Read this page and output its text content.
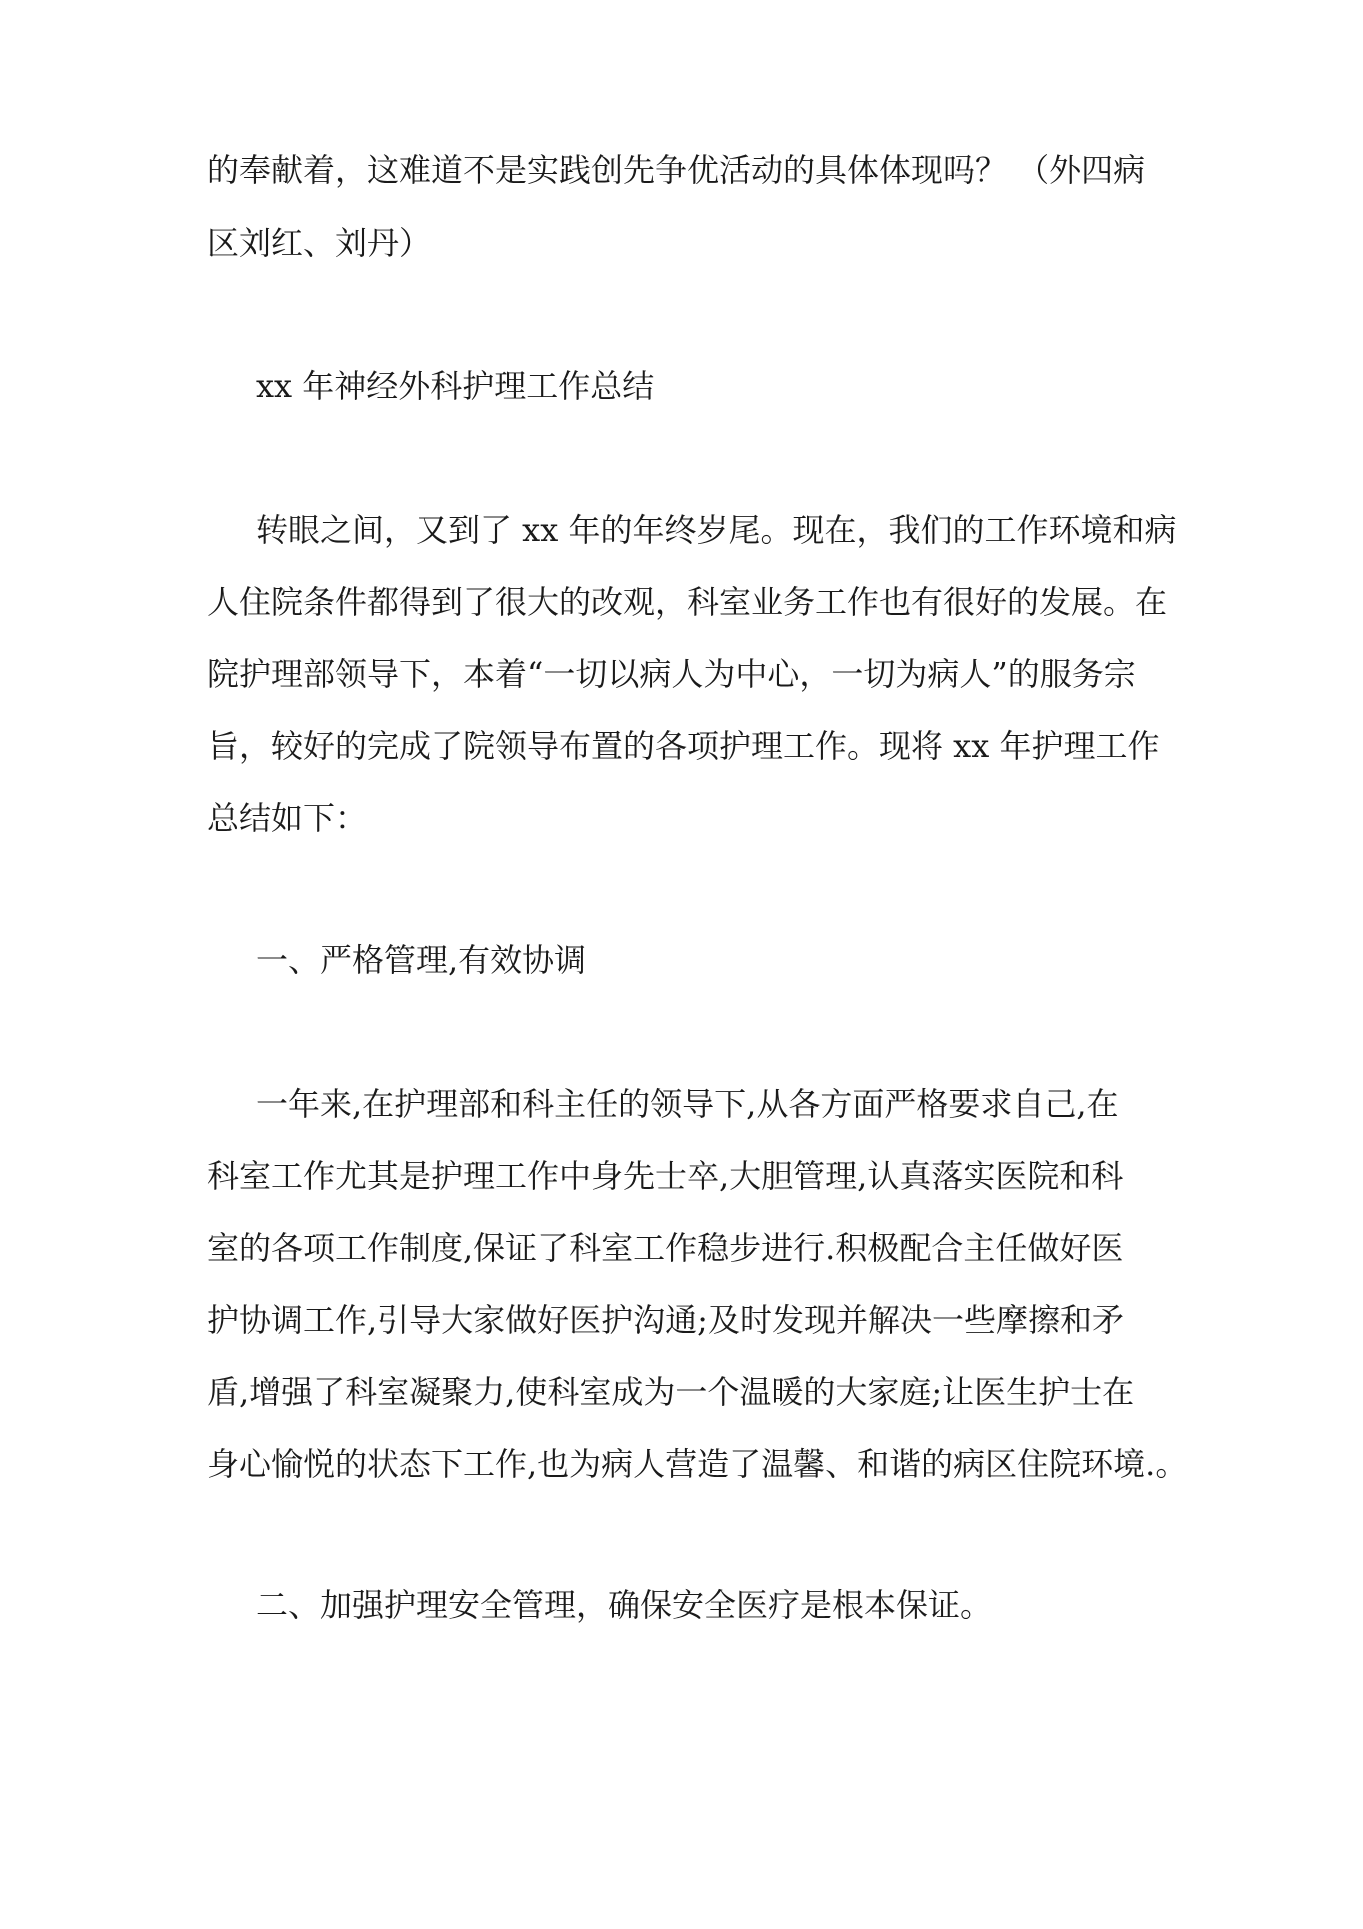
的奉献着，这难道不是实践创先争优活动的具体体现吗？ （外四病
区刘红、刘丹）
xx 年神经外科护理工作总结
转眼之间，又到了 xx 年的年终岁尾。现在，我们的工作环境和病
人住院条件都得到了很大的改观，科室业务工作也有很好的发展。在
院护理部领导下，本着“一切以病人为中心，一切为病人”的服务宗
旨，较好的完成了院领导布置的各项护理工作。现将 xx 年护理工作
总结如下：
一、严格管理,有效协调
一年来,在护理部和科主任的领导下,从各方面严格要求自己,在
科室工作尤其是护理工作中身先士卒,大胆管理,认真落实医院和科
室的各项工作制度,保证了科室工作稳步进行.积极配合主任做好医
护协调工作,引导大家做好医护沟通;及时发现并解决一些摩擦和矛
盾,增强了科室凝聚力,使科室成为一个温暖的大家庭;让医生护士在
身心愉悦的状态下工作,也为病人营造了温馨、和谐的病区住院环境.。
二、加强护理安全管理，确保安全医疗是根本保证。
